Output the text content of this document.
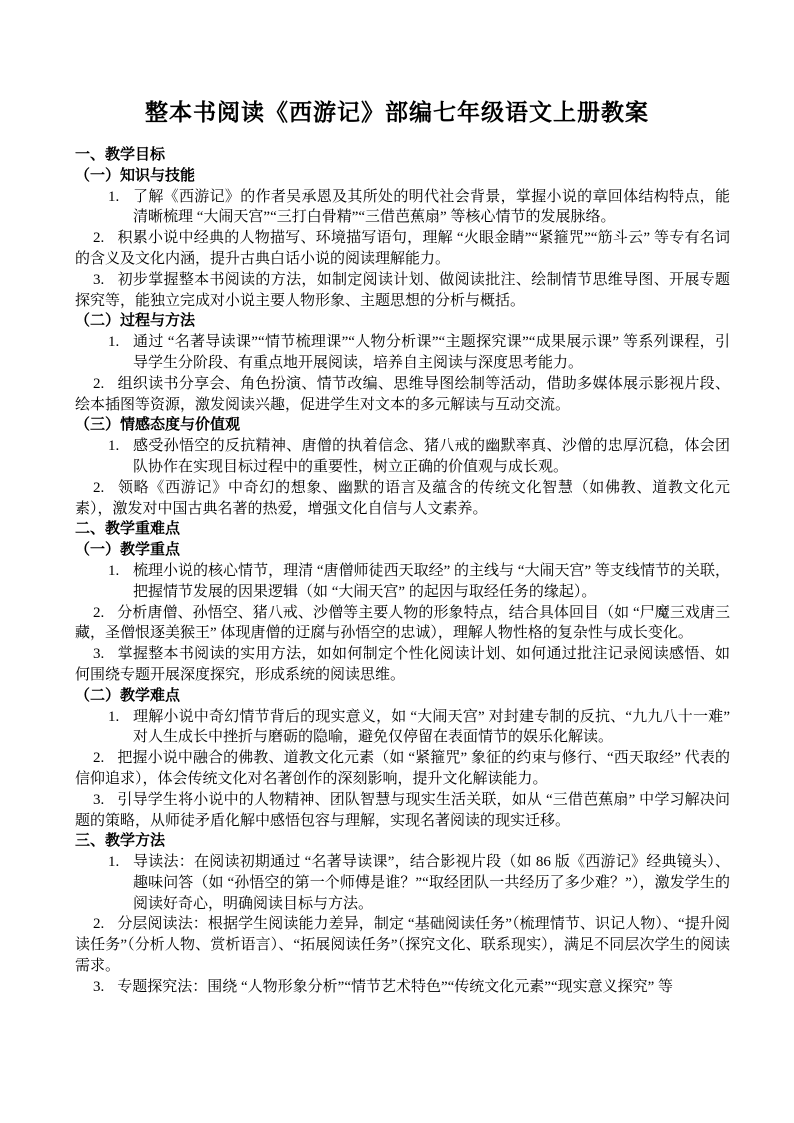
整本书阅读《西游记》部编七年级语文上册教案
一、教学目标
（一）知识与技能
1. 了解《西游记》的作者吴承恩及其所处的明代社会背景，掌握小说的章回体结构特点，能清晰梳理 “大闹天宫”“三打白骨精”“三借芭蕉扇” 等核心情节的发展脉络。
2. 积累小说中经典的人物描写、环境描写语句，理解 “火眼金睛”“紧箍咒”“筋斗云” 等专有名词的含义及文化内涵，提升古典白话小说的阅读理解能力。
3. 初步掌握整本书阅读的方法，如制定阅读计划、做阅读批注、绘制情节思维导图、开展专题探究等，能独立完成对小说主要人物形象、主题思想的分析与概括。
（二）过程与方法
1. 通过 “名著导读课”“情节梳理课”“人物分析课”“主题探究课”“成果展示课” 等系列课程，引导学生分阶段、有重点地开展阅读，培养自主阅读与深度思考能力。
2. 组织读书分享会、角色扮演、情节改编、思维导图绘制等活动，借助多媒体展示影视片段、绘本插图等资源，激发阅读兴趣，促进学生对文本的多元解读与互动交流。
（三）情感态度与价值观
1. 感受孙悟空的反抗精神、唐僧的执着信念、猪八戒的幽默率真、沙僧的忠厚沉稳，体会团队协作在实现目标过程中的重要性，树立正确的价值观与成长观。
2. 领略《西游记》中奇幻的想象、幽默的语言及蕴含的传统文化智慧（如佛教、道教文化元素），激发对中国古典名著的热爱，增强文化自信与人文素养。
二、教学重难点
（一）教学重点
1. 梳理小说的核心情节，理清 “唐僧师徒西天取经” 的主线与 “大闹天宫” 等支线情节的关联，把握情节发展的因果逻辑（如 “大闹天宫” 的起因与取经任务的缘起）。
2. 分析唐僧、孙悟空、猪八戒、沙僧等主要人物的形象特点，结合具体回目（如 “尸魔三戏唐三藏，圣僧恨逐美猴王” 体现唐僧的迂腐与孙悟空的忠诚），理解人物性格的复杂性与成长变化。
3. 掌握整本书阅读的实用方法，如如何制定个性化阅读计划、如何通过批注记录阅读感悟、如何围绕专题开展深度探究，形成系统的阅读思维。
（二）教学难点
1. 理解小说中奇幻情节背后的现实意义，如 “大闹天宫” 对封建专制的反抗、“九九八十一难” 对人生成长中挫折与磨砺的隐喻，避免仅停留在表面情节的娱乐化解读。
2. 把握小说中融合的佛教、道教文化元素（如 “紧箍咒” 象征的约束与修行、“西天取经” 代表的信仰追求），体会传统文化对名著创作的深刻影响，提升文化解读能力。
3. 引导学生将小说中的人物精神、团队智慧与现实生活关联，如从 “三借芭蕉扇” 中学习解决问题的策略，从师徒矛盾化解中感悟包容与理解，实现名著阅读的现实迁移。
三、教学方法
1. 导读法：在阅读初期通过 “名著导读课”，结合影视片段（如 86 版《西游记》经典镜头）、趣味问答（如 “孙悟空的第一个师傅是谁？”“取经团队一共经历了多少难？”），激发学生的阅读好奇心，明确阅读目标与方法。
2. 分层阅读法：根据学生阅读能力差异，制定 “基础阅读任务”（梳理情节、识记人物）、“提升阅读任务”（分析人物、赏析语言）、“拓展阅读任务”（探究文化、联系现实），满足不同层次学生的阅读需求。
3. 专题探究法：围绕 “人物形象分析”“情节艺术特色”“传统文化元素”“现实意义探究” 等
